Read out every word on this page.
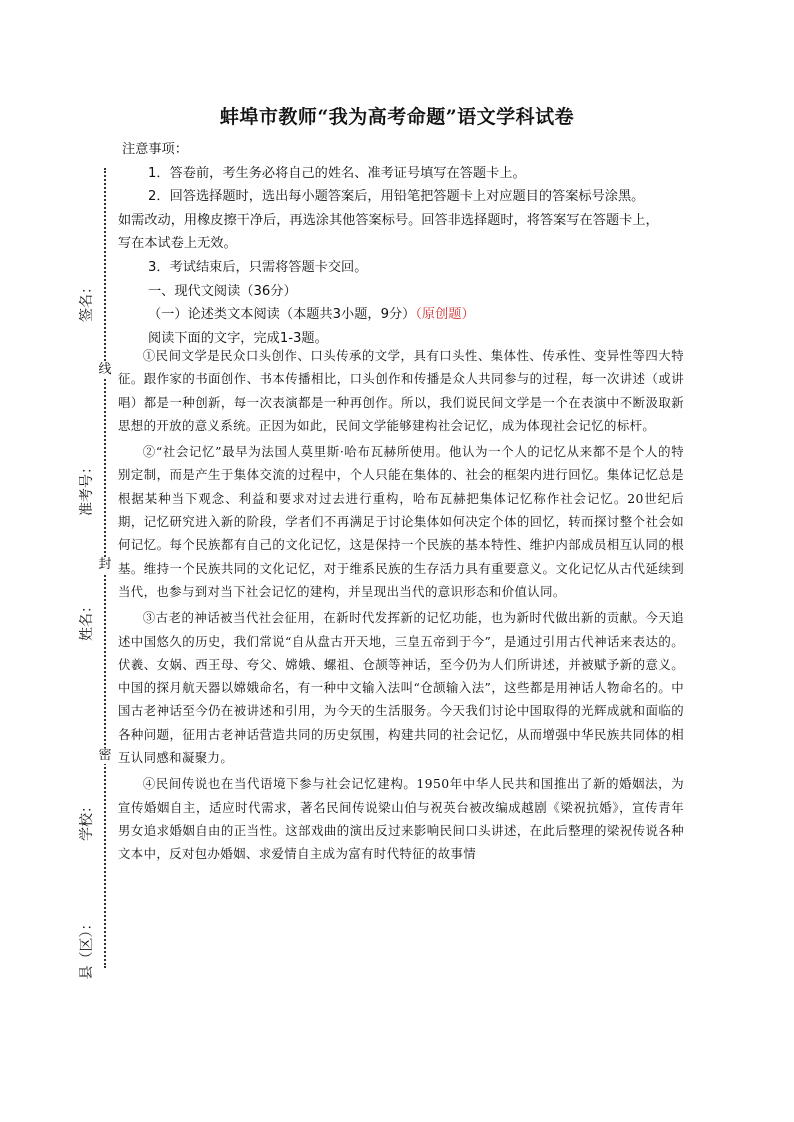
蚌埠市教师“我为高考命题”语文学科试卷

注意事项：

1．答卷前，考生务必将自己的姓名、准考证号填写在答题卡上。

2．回答选择题时，选出每小题答案后，用铅笔把答题卡上对应题目的答案标号涂黑。

如需改动，用橡皮擦干净后，再选涂其他答案标号。回答非选择题时，将答案写在答题卡上，

写在本试卷上无效。

3．考试结束后，只需将答题卡交回。

一、现代文阅读（36分）

（一）论述类文本阅读（本题共3小题，9分）（原创题）

阅读下面的文字，完成1-3题。

①民间文学是民众口头创作、口头传承的文学，具有口头性、集体性、传承性、变异性等四大特征。跟作家的书面创作、书本传播相比，口头创作和传播是众人共同参与的过程，每一次讲述（或讲唱）都是一种创新，每一次表演都是一种再创作。所以，我们说民间文学是一个在表演中不断汲取新思想的开放的意义系统。正因为如此，民间文学能够建构社会记忆，成为体现社会记忆的标杆。

②“社会记忆”最早为法国人莫里斯·哈布瓦赫所使用。他认为一个人的记忆从来都不是个人的特别定制，而是产生于集体交流的过程中，个人只能在集体的、社会的框架内进行回忆。集体记忆总是根据某种当下观念、利益和要求对过去进行重构，哈布瓦赫把集体记忆称作社会记忆。20世纪后期，记忆研究进入新的阶段，学者们不再满足于讨论集体如何决定个体的回忆，转而探讨整个社会如何记忆。每个民族都有自己的文化记忆，这是保持一个民族的基本特性、维护内部成员相互认同的根基。维持一个民族共同的文化记忆，对于维系民族的生存活力具有重要意义。文化记忆从古代延续到当代，也参与到对当下社会记忆的建构，并呈现出当代的意识形态和价值认同。

③古老的神话被当代社会征用，在新时代发挥新的记忆功能，也为新时代做出新的贡献。今天追述中国悠久的历史，我们常说“自从盘古开天地，三皇五帝到于今”，是通过引用古代神话来表达的。伏羲、女娲、西王母、夸父、嫦娥、螺祖、仓颉等神话，至今仍为人们所讲述，并被赋予新的意义。中国的探月航天器以嫦娥命名，有一种中文输入法叫“仓颉输入法”，这些都是用神话人物命名的。中国古老神话至今仍在被讲述和引用，为今天的生活服务。今天我们讨论中国取得的光辉成就和面临的各种问题，征用古老神话营造共同的历史氛围，构建共同的社会记忆，从而增强中华民族共同体的相互认同感和凝聚力。

④民间传说也在当代语境下参与社会记忆建构。1950年中华人民共和国推出了新的婚姻法，为宣传婚姻自主，适应时代需求，著名民间传说梁山伯与祝英台被改编成越剧《梁祝抗婚》，宣传青年男女追求婚姻自由的正当性。这部戏曲的演出反过来影响民间口头讲述，在此后整理的梁祝传说各种文本中，反对包办婚姻、求爱情自主成为富有时代特征的故事情

线
封
密
签名：
准考号：
姓名：
学校：
县（区）：
